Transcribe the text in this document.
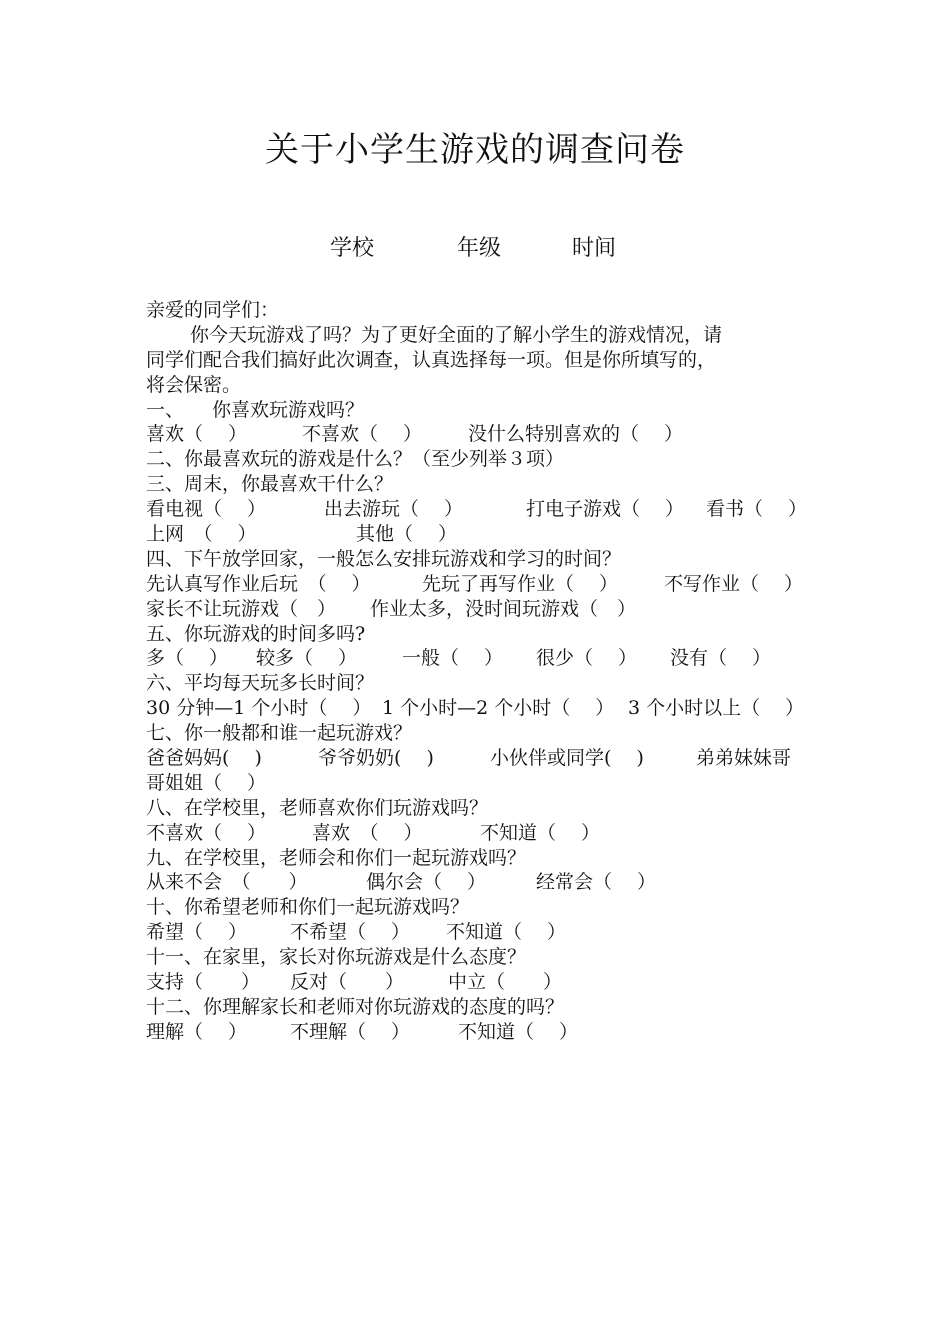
关于小学生游戏的调查问卷
学校	年级	时间
亲爱的同学们：
你今天玩游戏了吗？为了更好全面的了解小学生的游戏情况，请
同学们配合我们搞好此次调查，认真选择每一项。但是你所填写的，
将会保密。
一、 你喜欢玩游戏吗？
喜欢（　 ）	不喜欢（　 ） 没什么特别喜欢的（　 ）
二、你最喜欢玩的游戏是什么？（至少列举３项）
三、周末，你最喜欢干什么？
看电视（　 ）	出去游玩（　 ）	打电子游戏（　 ） 看书（　 ）
上网　（　 ）	其他（　 ）
四、下午放学回家，一般怎么安排玩游戏和学习的时间？
先认真写作业后玩　（　 ）	先玩了再写作业（　 ） 不写作业（　 ）
家长不让玩游戏（　） 作业太多，没时间玩游戏（　）
五、你玩游戏的时间多吗?
多（　 ） 较多（　 ） 一般（　 ） 很少（　 ） 没有（　 ）
六、平均每天玩多长时间？
30 分钟—1 个小时（　 ） 1 个小时—2 个小时（　 ） 3 个小时以上（　 ）
七、你一般都和谁一起玩游戏？
爸爸妈妈(　 )	爷爷奶奶(　 )	小伙伴或同学(　 )	弟弟妹妹哥
哥姐姐（　 ）
八、在学校里，老师喜欢你们玩游戏吗？
不喜欢（　 ） 喜欢　（　 ）	不知道（　 ）
九、在学校里，老师会和你们一起玩游戏吗？
从来不会　（　　）	偶尔会（　 ）	经常会（　 ）
十、你希望老师和你们一起玩游戏吗？
希望（　 ） 不希望（　 ） 不知道（　 ）
十一、在家里，家长对你玩游戏是什么态度？
支持（　　） 反对（　　） 中立（　　）
十二、你理解家长和老师对你玩游戏的态度的吗？
理解（　 ） 不理解（　 ）	不知道（　 ）
